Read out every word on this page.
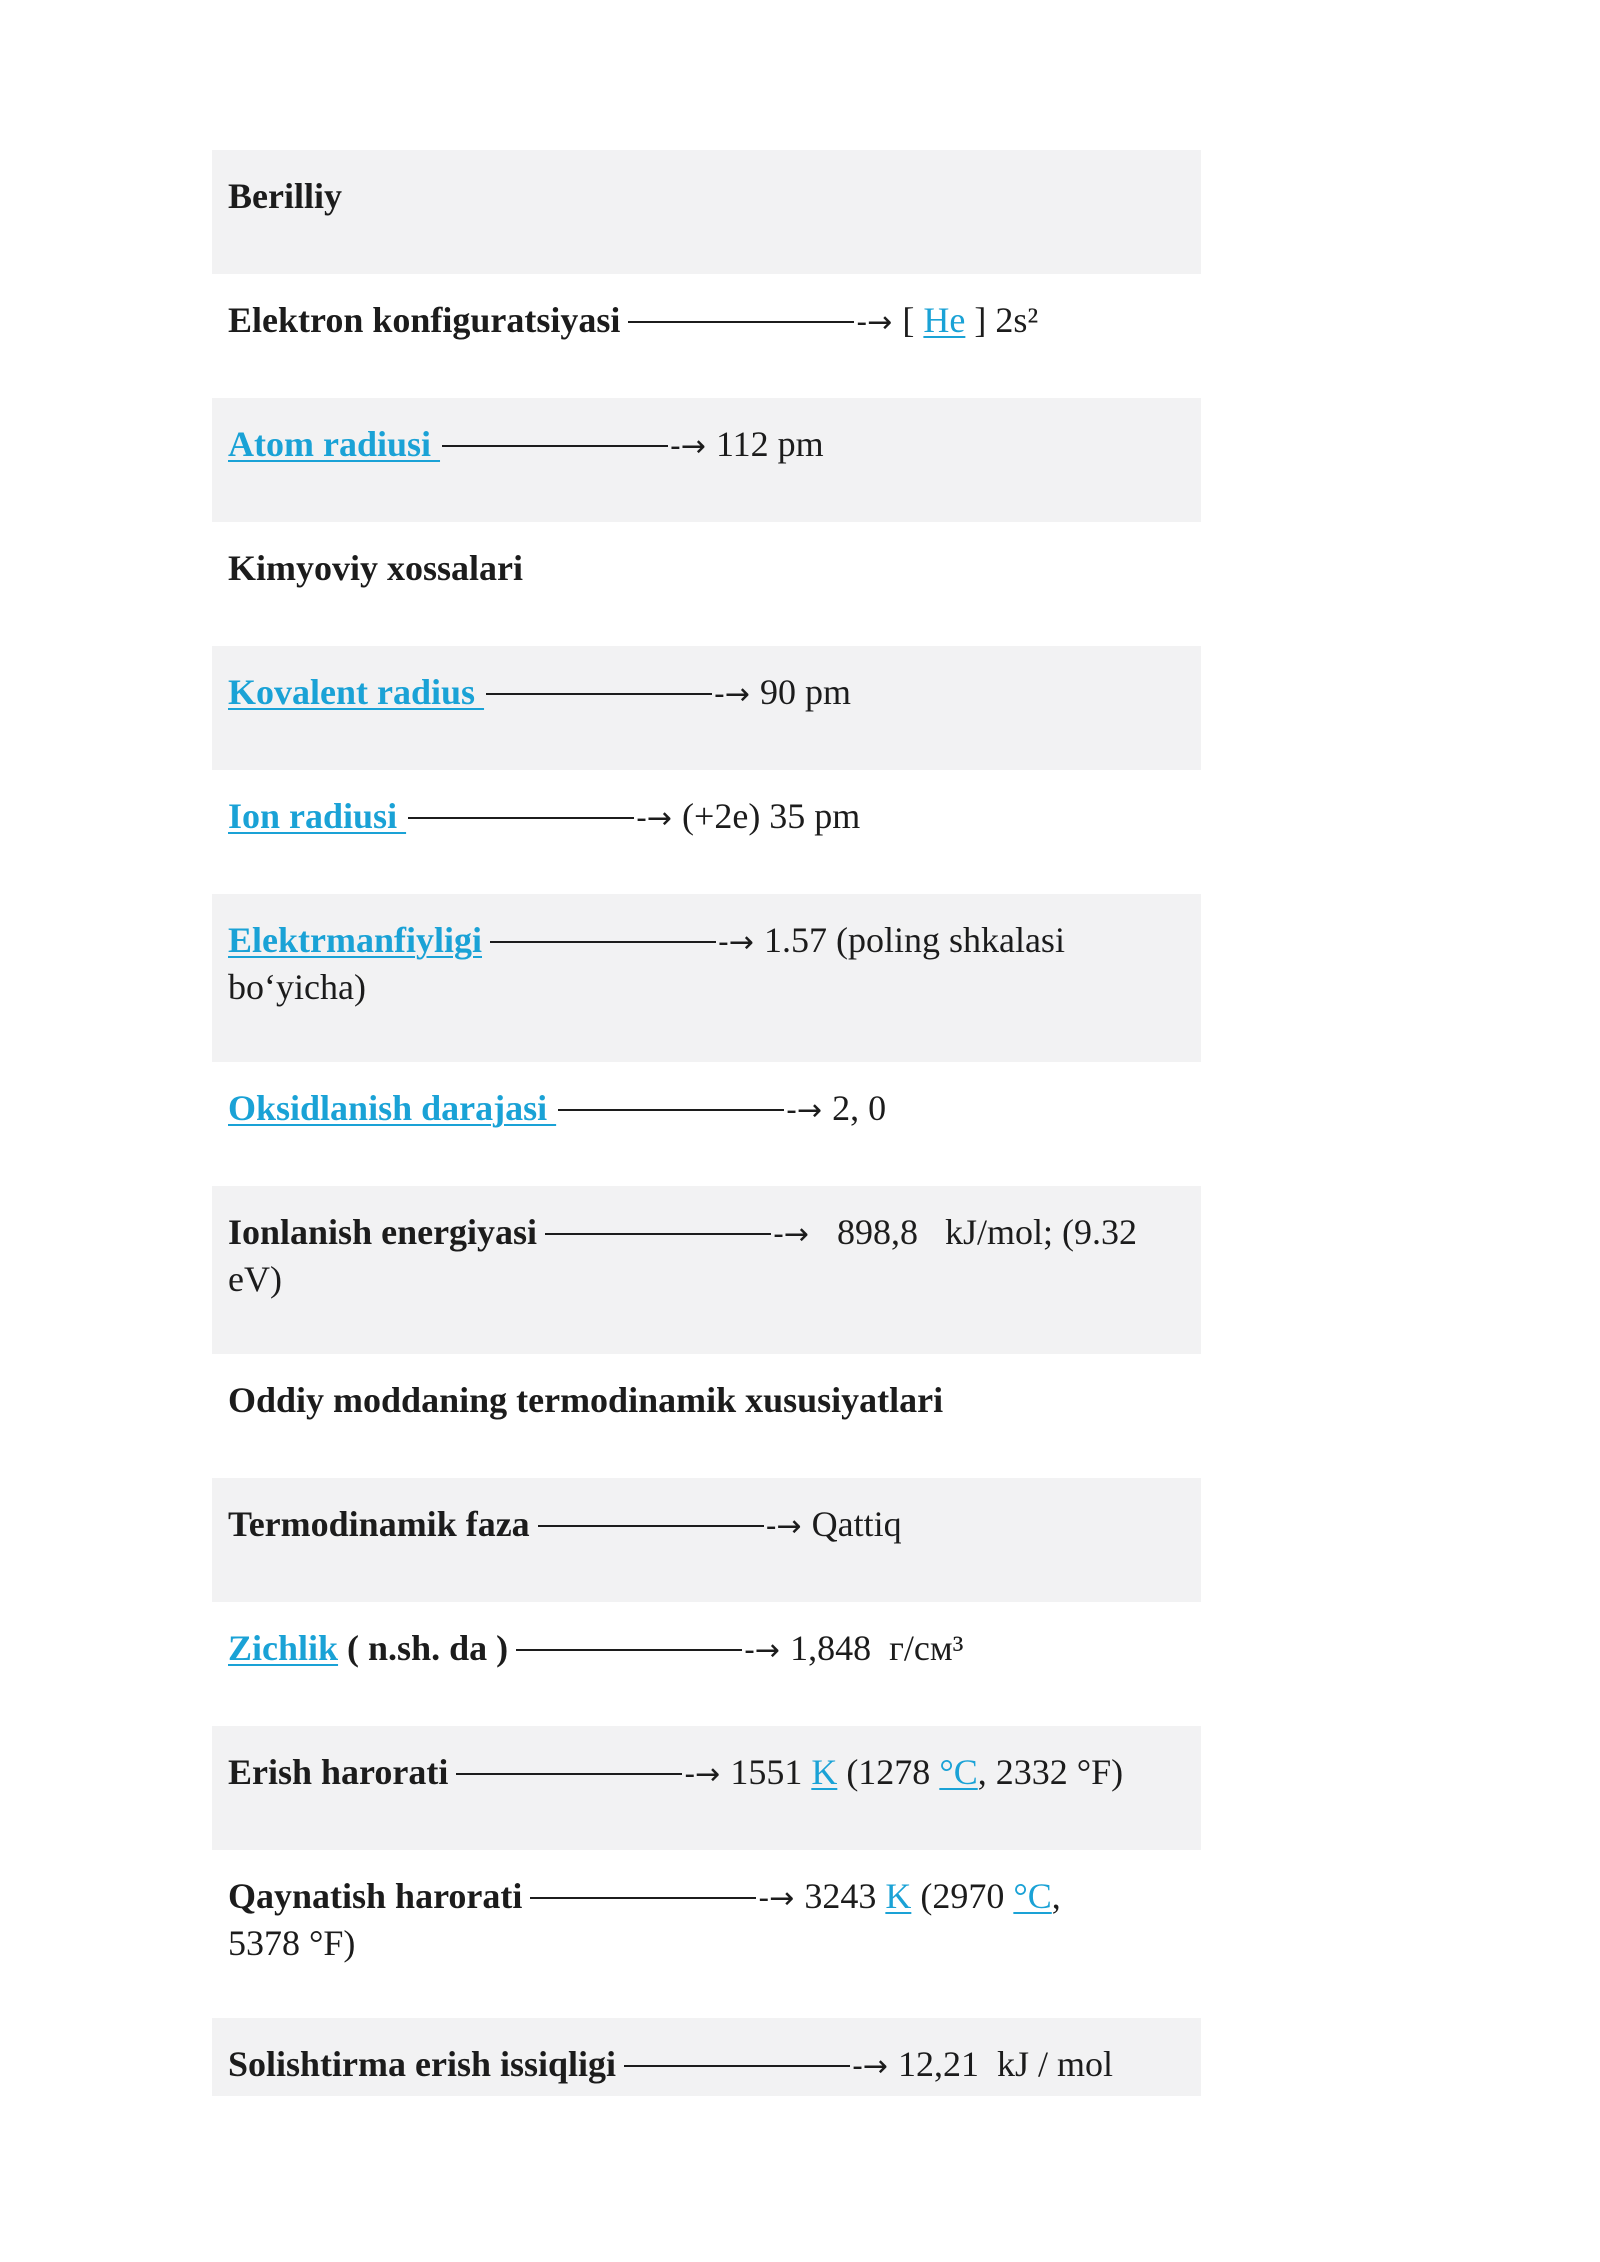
Berilliy
Elektron konfiguratsiyasi	-→ [ He ] 2s²
Atom radiusi	-→ 112 pm
Kimyoviy xossalari
Kovalent radius	-→ 90 pm
Ion radiusi	-→ (+2e) 35 pm
Elektrmanfiyligi	-→ 1.57 (poling shkalasi
bo‘yicha)
Oksidlanish darajasi	-→ 2, 0
Ionlanish energiyasi	-→  898,8   kJ/mol; (9.32
eV)
Oddiy moddaning termodinamik xususiyatlari
Termodinamik faza	-→ Qattiq
Zichlik ( n.sh. da )	-→ 1,848  г/см³
Erish harorati	-→ 1551 K (1278 °C, 2332 °F)
Qaynatish harorati	-→ 3243 K (2970 °C,
5378 °F)
Solishtirma erish issiqligi	-→ 12,21  kJ / mol
